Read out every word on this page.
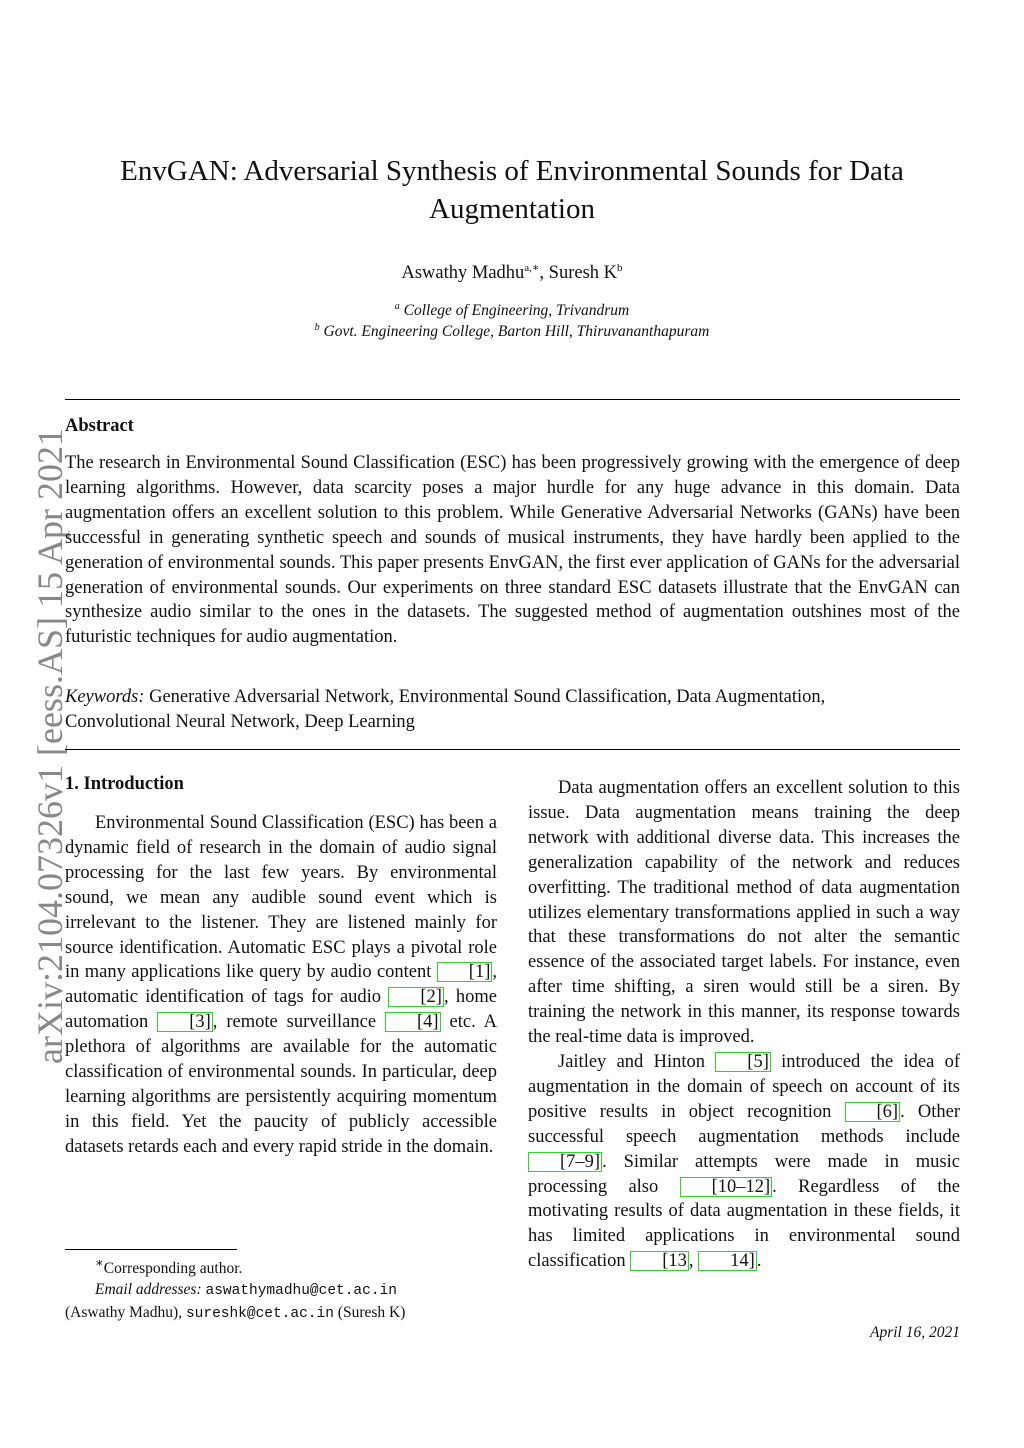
arXiv:2104.07326v1 [eess.AS] 15 Apr 2021
EnvGAN: Adversarial Synthesis of Environmental Sounds for Data
Augmentation
Aswathy Madhu$^{a,∗}$, Suresh $K^b$
$^a$ College of Engineering, Trivandrum
$^b$ Govt. Engineering College, Barton Hill, Thiruvananthapuram
Abstract
The research in Environmental Sound Classification (ESC) has been progressively growing with the emergence of deep learning algorithms. However, data scarcity poses a major hurdle for any huge advance in this domain. Data augmentation offers an excellent solution to this problem. While Generative Adversarial Networks (GANs) have been successful in generating synthetic speech and sounds of musical instruments, they have hardly been applied to the generation of environmental sounds. This paper presents EnvGAN, the first ever application of GANs for the adversarial generation of environmental sounds. Our experiments on three standard ESC datasets illustrate that the EnvGAN can synthesize audio similar to the ones in the datasets. The suggested method of augmentation outshines most of the futuristic techniques for audio augmentation.
Keywords: Generative Adversarial Network, Environmental Sound Classification, Data Augmentation, Convolutional Neural Network, Deep Learning
1. Introduction

Environmental Sound Classification (ESC) has been a dynamic field of research in the domain of audio signal processing for the last few years. By environmental sound, we mean any audible sound event which is irrelevant to the listener. They are listened mainly for source identification. Automatic ESC plays a pivotal role in many applications like query by audio content [1] , automatic identification of tags for audio [2] , home automation [3] , remote surveillance [4] etc. A plethora of algorithms are available for the automatic classification of environmental sounds. In particular, deep learning algorithms are persistently acquiring momentum in this field. Yet the paucity of publicly accessible datasets retards each and every rapid stride in the domain.

Data augmentation offers an excellent solution to this issue. Data augmentation means training the deep network with additional diverse data. This increases the generalization capability of the network and reduces overfitting. The traditional method of data augmentation utilizes elementary transformations applied in such a way that these transformations do not alter the semantic essence of the associated target labels. For instance, even after time shifting, a siren would still be a siren. By training the network in this manner, its response towards the real-time data is improved.

Jaitley and Hinton [5] introduced the idea of augmentation in the domain of speech on account of its positive results in object recognition [6] . Other successful speech augmentation methods include [7–9] . Similar attempts were made in music processing also [10–12] . Regardless of the motivating results of data augmentation in these fields, it has limited applications in environmental sound classification [13 , 14] .

∗Corresponding author.
Email addresses: aswathymadhu@cet.ac.in
(Aswathy Madhu), sureshk@cet.ac.in (Suresh K)
April 16, 2021
